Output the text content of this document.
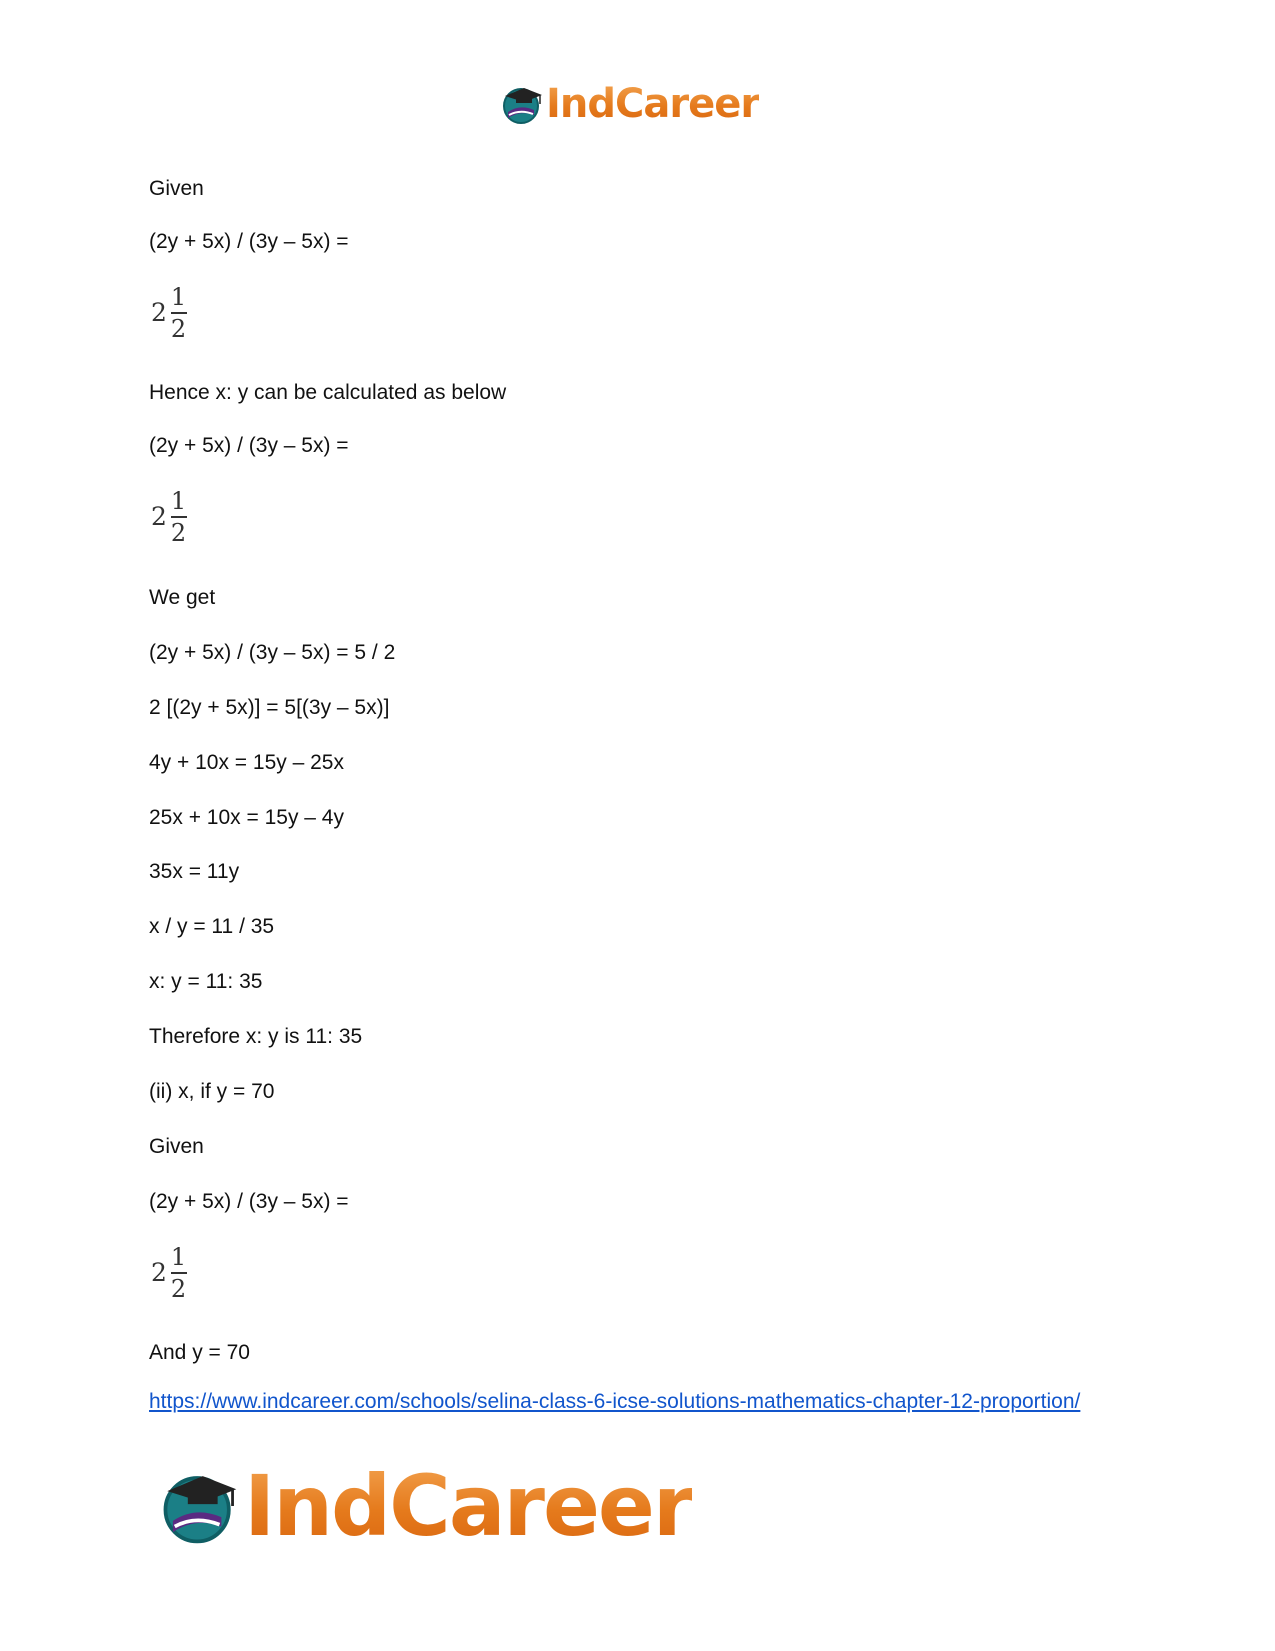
IndCareer

Given

(2y + 5x) / (3y – 5x) =

$2 \frac{1}{2}$

Hence x: y can be calculated as below

(2y + 5x) / (3y – 5x) =

$2 \frac{1}{2}$

We get

(2y + 5x) / (3y – 5x) = 5 / 2

2 [(2y + 5x)] = 5[(3y – 5x)]

4y + 10x = 15y – 25x

25x + 10x = 15y – 4y

35x = 11y

x / y = 11 / 35

x: y = 11: 35

Therefore x: y is 11: 35

(ii) x, if y = 70

Given

(2y + 5x) / (3y – 5x) =

$2 \frac{1}{2}$

And y = 70

https://www.indcareer.com/schools/selina-class-6-icse-solutions-mathematics-chapter-12-proportion/
IndCareer
